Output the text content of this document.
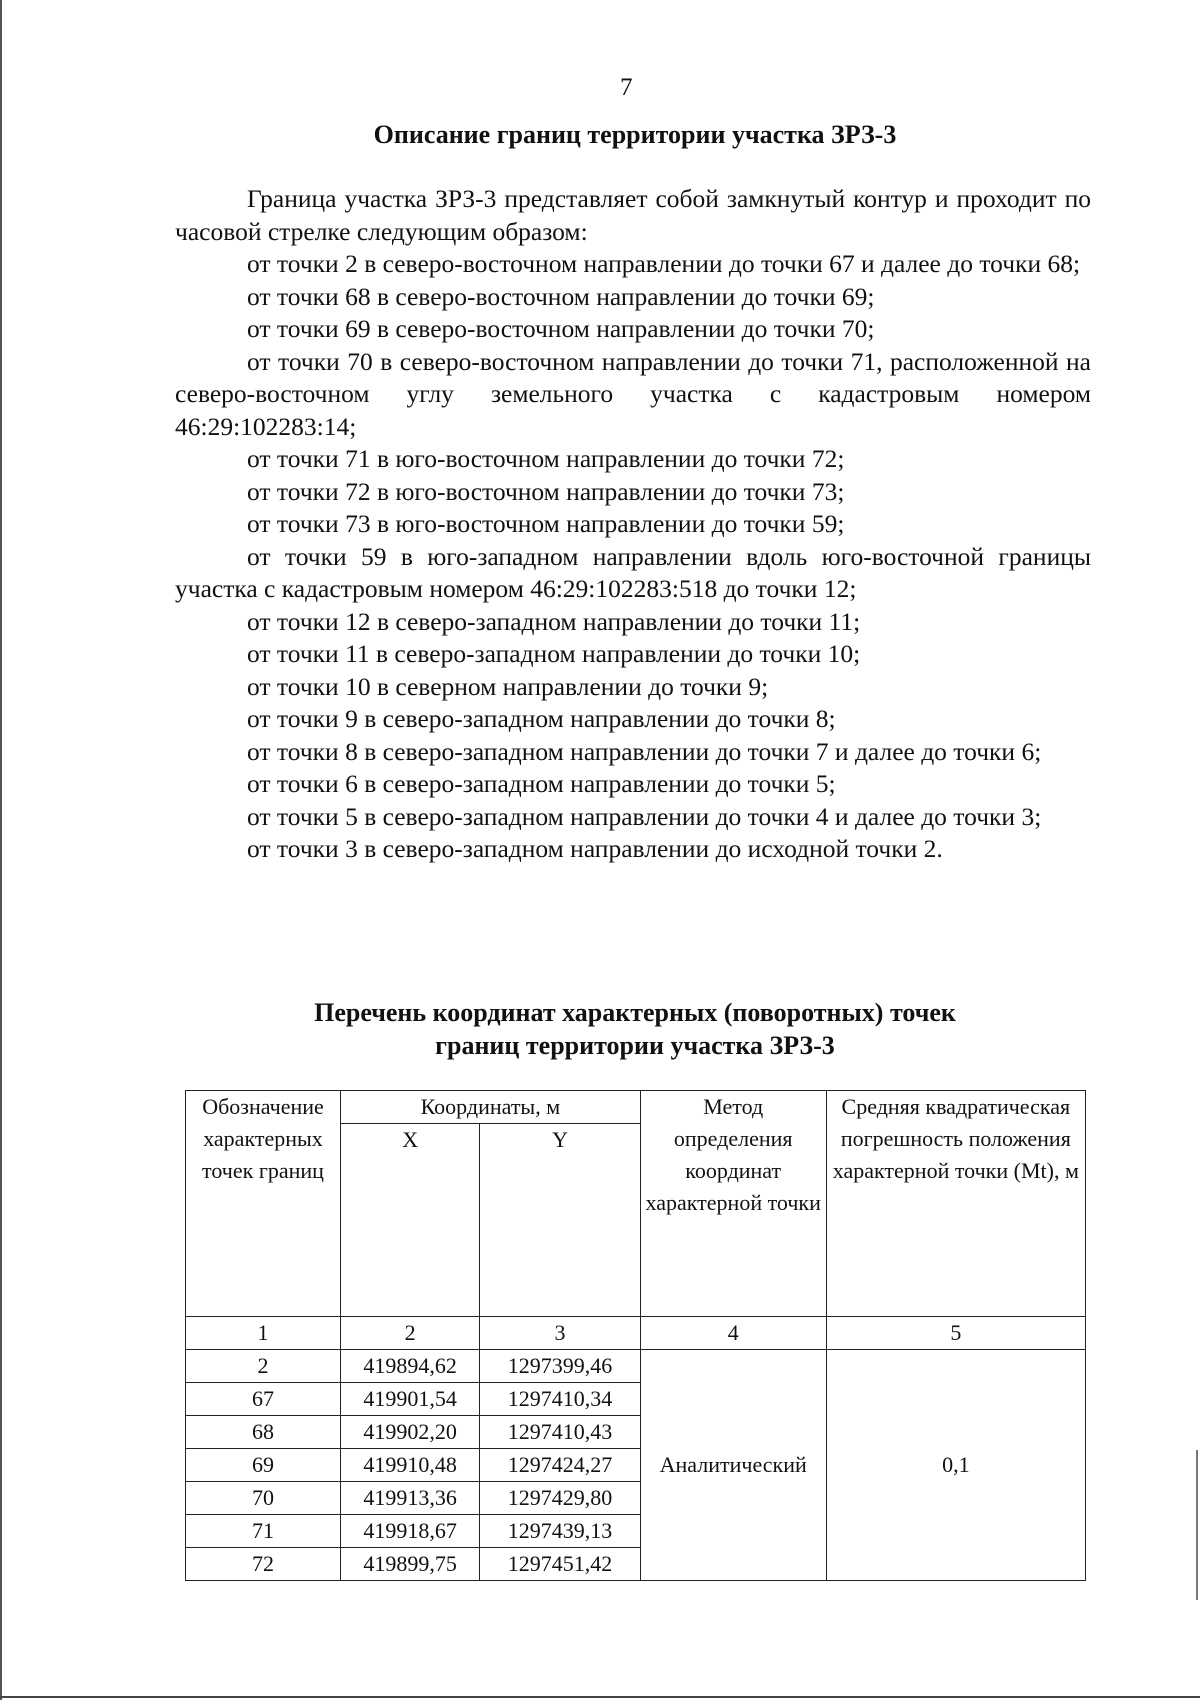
7
Описание границ территории участка ЗРЗ-3

Граница участка ЗРЗ-3 представляет собой замкнутый контур и проходит по часовой стрелке следующим образом:

от точки 2 в северо-восточном направлении до точки 67 и далее до точки 68;

от точки 68 в северо-восточном направлении до точки 69;

от точки 69 в северо-восточном направлении до точки 70;

от точки 70 в северо-восточном направлении до точки 71, расположенной на северо-восточном углу земельного участка с кадастровым номером 46:29:102283:14;

от точки 71 в юго-восточном направлении до точки 72;

от точки 72 в юго-восточном направлении до точки 73;

от точки 73 в юго-восточном направлении до точки 59;

от точки 59 в юго-западном направлении вдоль юго-восточной границы участка с кадастровым номером 46:29:102283:518 до точки 12;

от точки 12 в северо-западном направлении до точки 11;

от точки 11 в северо-западном направлении до точки 10;

от точки 10 в северном направлении до точки 9;

от точки 9 в северо-западном направлении до точки 8;

от точки 8 в северо-западном направлении до точки 7 и далее до точки 6;

от точки 6 в северо-западном направлении до точки 5;

от точки 5 в северо-западном направлении до точки 4 и далее до точки 3;

от точки 3 в северо-западном направлении до исходной точки 2.

Перечень координат характерных (поворотных) точек
границ территории участка ЗРЗ-3
Обозначение характерных точек границ	Координаты, м		Метод определения координат характерной точки	Средняя квадратическая погрешность положения характерной точки (Mt), м
	X	Y		
1	2	3	4	5
2	419894,62	1297399,46	Аналитический	0,1
67	419901,54	1297410,34		
68	419902,20	1297410,43		
69	419910,48	1297424,27		
70	419913,36	1297429,80		
71	419918,67	1297439,13		
72	419899,75	1297451,42		
